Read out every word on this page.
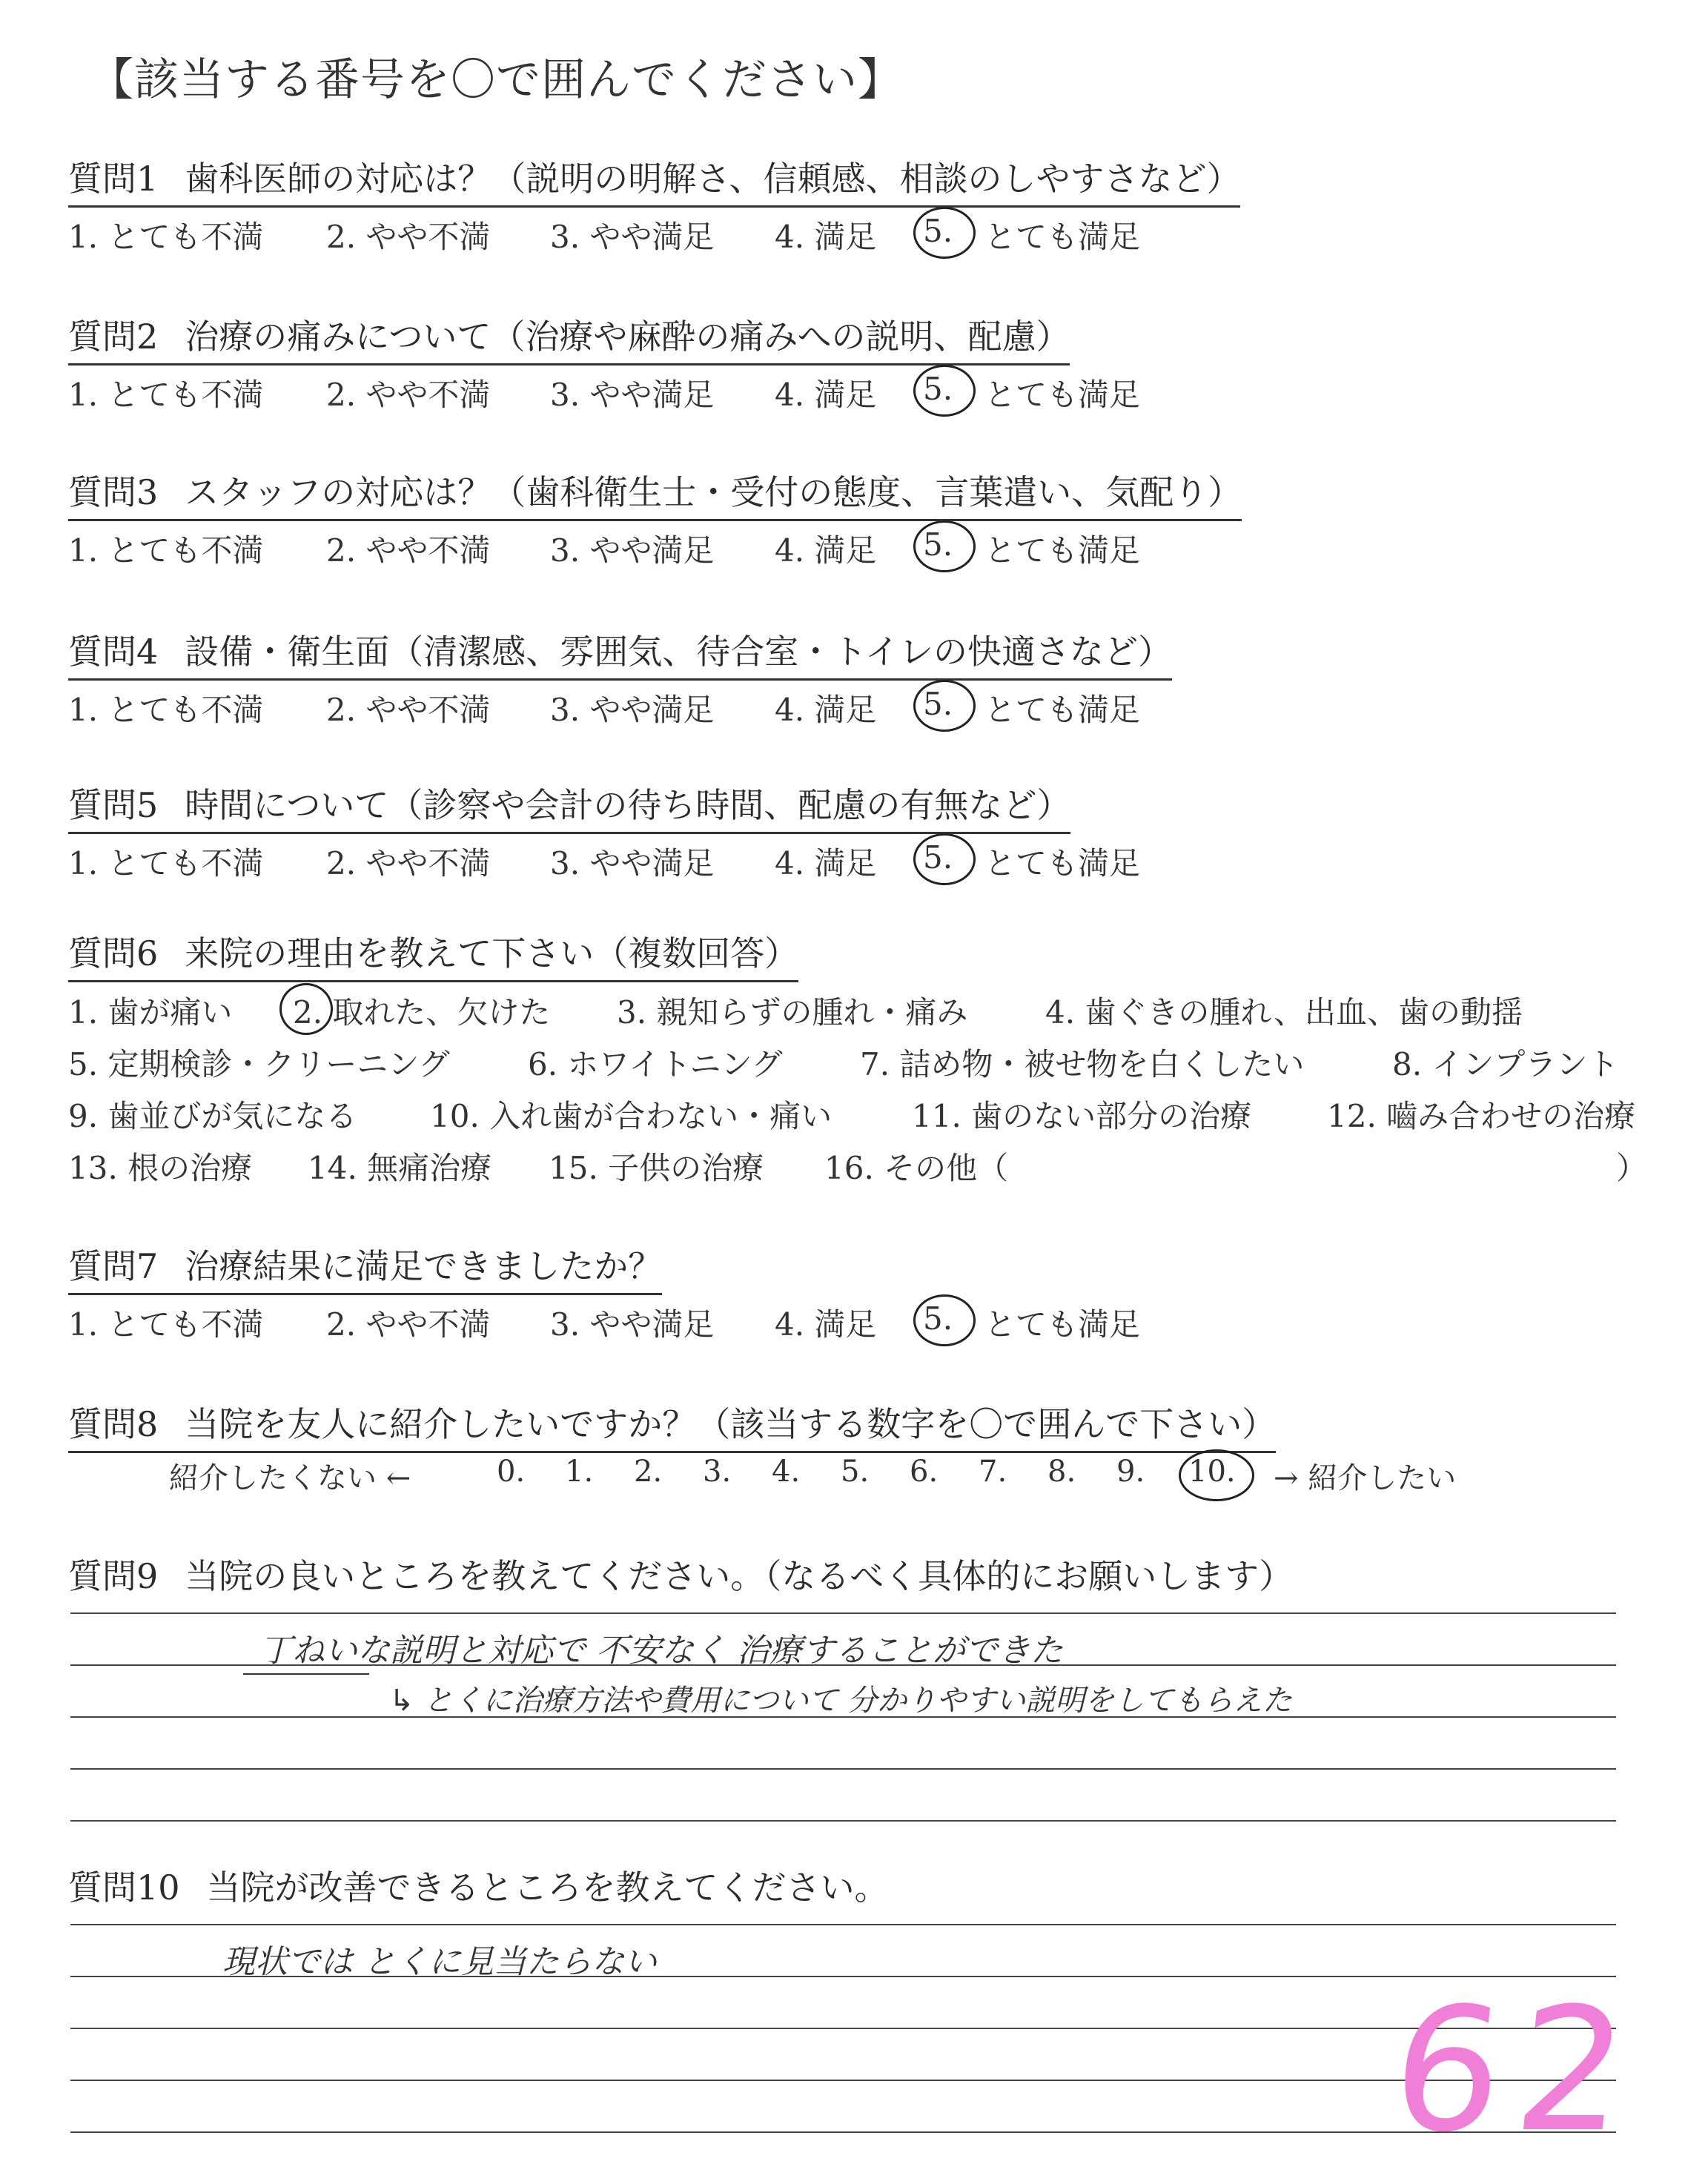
【該当する番号を〇で囲んでください】
質問1 歯科医師の対応は？（説明の明解さ、信頼感、相談のしやすさなど）
1. とても不満 2. やや不満 3. やや満足 4. 満足 5. とても満足
質問2 治療の痛みについて（治療や麻酔の痛みへの説明、配慮）
1. とても不満 2. やや不満 3. やや満足 4. 満足 5. とても満足
質問3 スタッフの対応は？（歯科衛生士・受付の態度、言葉遣い、気配り）
1. とても不満 2. やや不満 3. やや満足 4. 満足 5. とても満足
質問4 設備・衛生面（清潔感、雰囲気、待合室・トイレの快適さなど）
1. とても不満 2. やや不満 3. やや満足 4. 満足 5. とても満足
質問5 時間について（診察や会計の待ち時間、配慮の有無など）
1. とても不満 2. やや不満 3. やや満足 4. 満足 5. とても満足
質問7 治療結果に満足できましたか？
1. とても不満 2. やや不満 3. やや満足 4. 満足 5. とても満足
質問6 来院の理由を教えて下さい（複数回答）
1. 歯が痛い 2. 取れた、欠けた 3. 親知らずの腫れ・痛み 4. 歯ぐきの腫れ、出血、歯の動揺
5. 定期検診・クリーニング	6. ホワイトニング 7. 詰め物・被せ物を白くしたい	8. インプラント
9. 歯並びが気になる 10. 入れ歯が合わない・痛い	11. 歯のない部分の治療 12. 嚙み合わせの治療
13. 根の治療 14. 無痛治療 15. 子供の治療 16. その他（	）
質問8 当院を友人に紹介したいですか？（該当する数字を〇で囲んで下さい）
紹介したくない ←	0. 1. 2. 3. 4. 5. 6. 7. 8. 9. 10. → 紹介したい
質問9 当院の良いところを教えてください。（なるべく具体的にお願いします）
丁ねいな説明と対応で 不安なく 治療することができた
↳ とくに治療方法や費用について 分かりやすい説明をしてもらえた
質問10 当院が改善できるところを教えてください。
現状では とくに見当たらない
62
